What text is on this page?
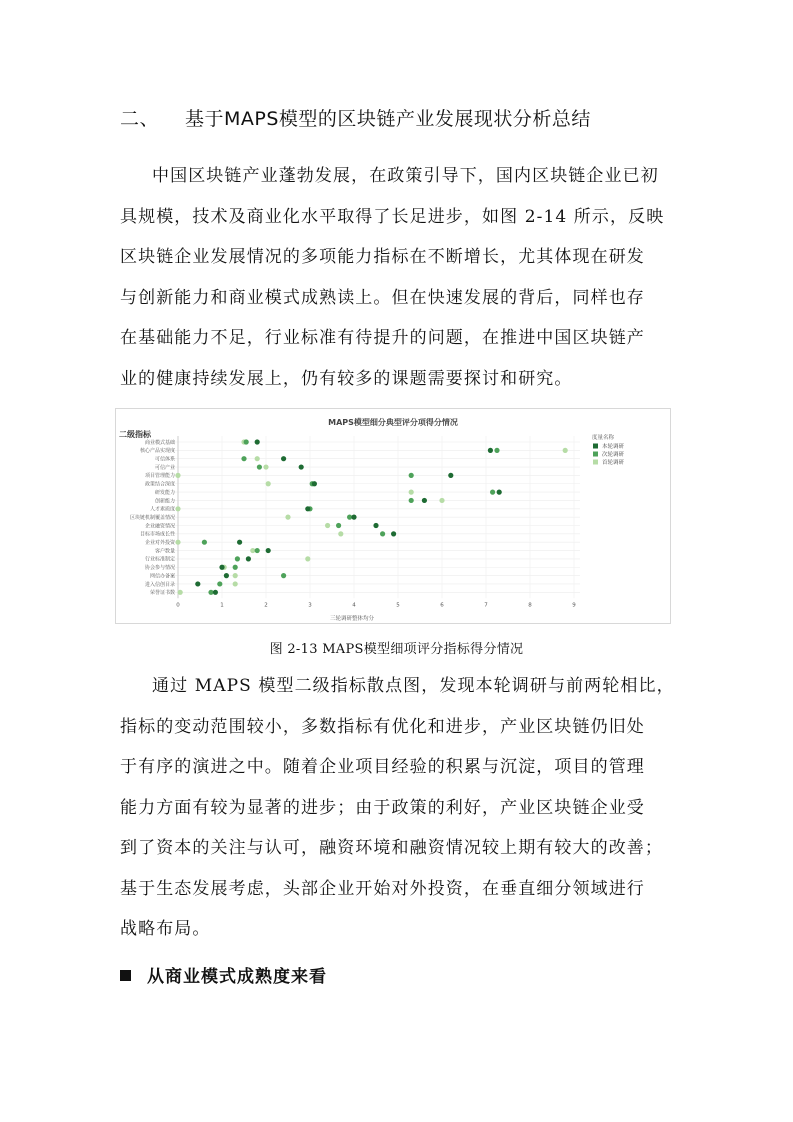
二、 基于MAPS模型的区块链产业发展现状分析总结

中国区块链产业蓬勃发展，在政策引导下，国内区块链企业已初
具规模，技术及商业化水平取得了长足进步，如图 2-14 所示，反映
区块链企业发展情况的多项能力指标在不断增长，尤其体现在研发
与创新能力和商业模式成熟读上。但在快速发展的背后，同样也存
在基础能力不足，行业标准有待提升的问题，在推进中国区块链产
业的健康持续发展上，仍有较多的课题需要探讨和研究。

MAPS模型细分典型评分项得分情况
二级指标
三轮调研整体均分
度量名称
商业模式基础
核心产品实现度
可信体系
可信产业
项目管理能力
政策结合深度
研发能力
创新能力
人才素质度
区块链机制覆盖情况
企业融资情况
目标市场成长性
企业对外投资
客户数量
行业标准制定
协会参与情况
网信办备案
进入信创目录
荣誉证书数
0	1	2	3	4	5	6	7	8	9
本轮调研
次轮调研
首轮调研
图 2-13 MAPS模型细项评分指标得分情况

通过 MAPS 模型二级指标散点图，发现本轮调研与前两轮相比，
指标的变动范围较小，多数指标有优化和进步，产业区块链仍旧处
于有序的演进之中。随着企业项目经验的积累与沉淀，项目的管理
能力方面有较为显著的进步；由于政策的利好，产业区块链企业受
到了资本的关注与认可，融资环境和融资情况较上期有较大的改善；
基于生态发展考虑，头部企业开始对外投资，在垂直细分领域进行
战略布局。

从商业模式成熟度来看
